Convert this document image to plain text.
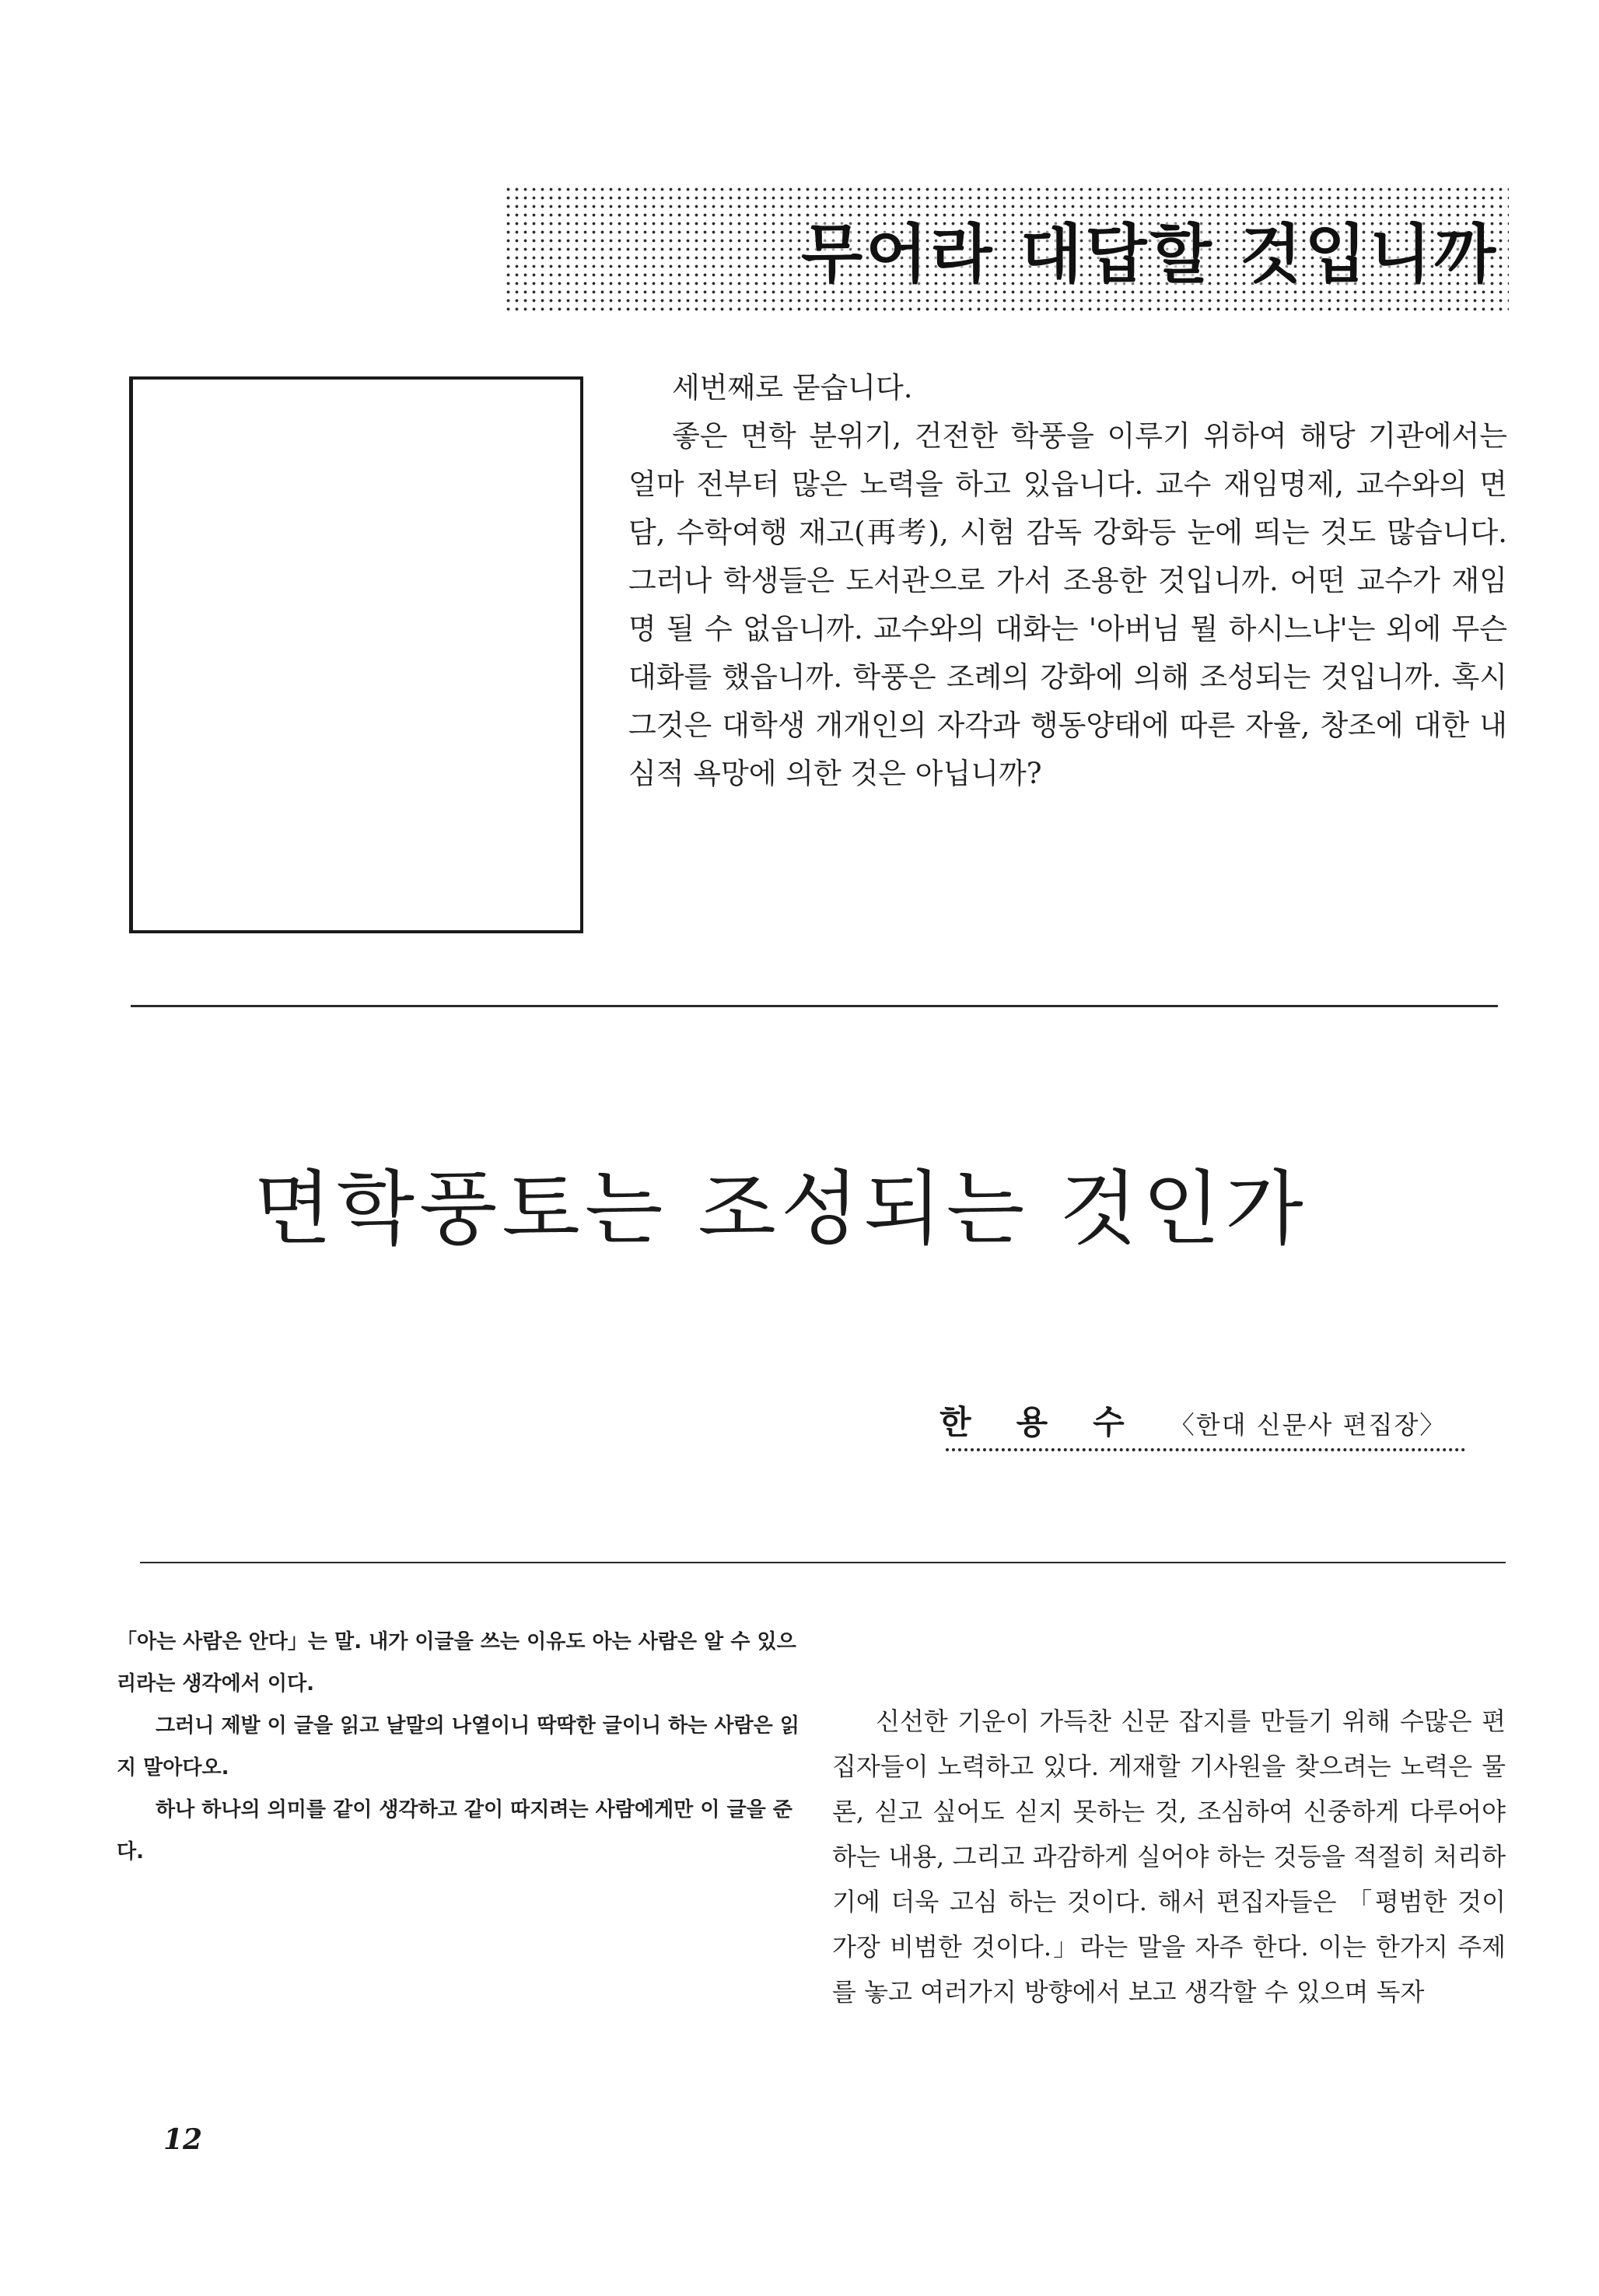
무어라 대답할 것입니까

세번째로 묻습니다.

좋은 면학 분위기, 건전한 학풍을 이루기 위하여 해당 기관에서는 얼마 전부터 많은 노력을 하고 있읍니다. 교수 재임명제, 교수와의 면담, 수학여행 재고(再考), 시험 감독 강화등 눈에 띄는 것도 많습니다. 그러나 학생들은 도서관으로 가서 조용한 것입니까. 어떤 교수가 재임명 될 수 없읍니까. 교수와의 대화는 '아버님 뭘 하시느냐'는 외에 무슨 대화를 했읍니까. 학풍은 조례의 강화에 의해 조성되는 것입니까. 혹시 그것은 대학생 개개인의 자각과 행동양태에 따른 자율, 창조에 대한 내심적 욕망에 의한 것은 아닙니까?

면학풍토는 조성되는 것인가
한용수〈한대 신문사 편집장〉

「아는 사람은 안다」는 말. 내가 이글을 쓰는 이유도 아는 사람은 알 수 있으리라는 생각에서 이다.

그러니 제발 이 글을 읽고 날말의 나열이니 딱딱한 글이니 하는 사람은 읽지 말아다오.

하나 하나의 의미를 같이 생각하고 같이 따지려는 사람에게만 이 글을 준다.

신선한 기운이 가득찬 신문 잡지를 만들기 위해 수많은 편집자들이 노력하고 있다. 게재할 기사원을 찾으려는 노력은 물론, 싣고 싶어도 싣지 못하는 것, 조심하여 신중하게 다루어야 하는 내용, 그리고 과감하게 실어야 하는 것등을 적절히 처리하기에 더욱 고심 하는 것이다. 해서 편집자들은 「평범한 것이 가장 비범한 것이다.」라는 말을 자주 한다. 이는 한가지 주제를 놓고 여러가지 방향에서 보고 생각할 수 있으며 독자

12
